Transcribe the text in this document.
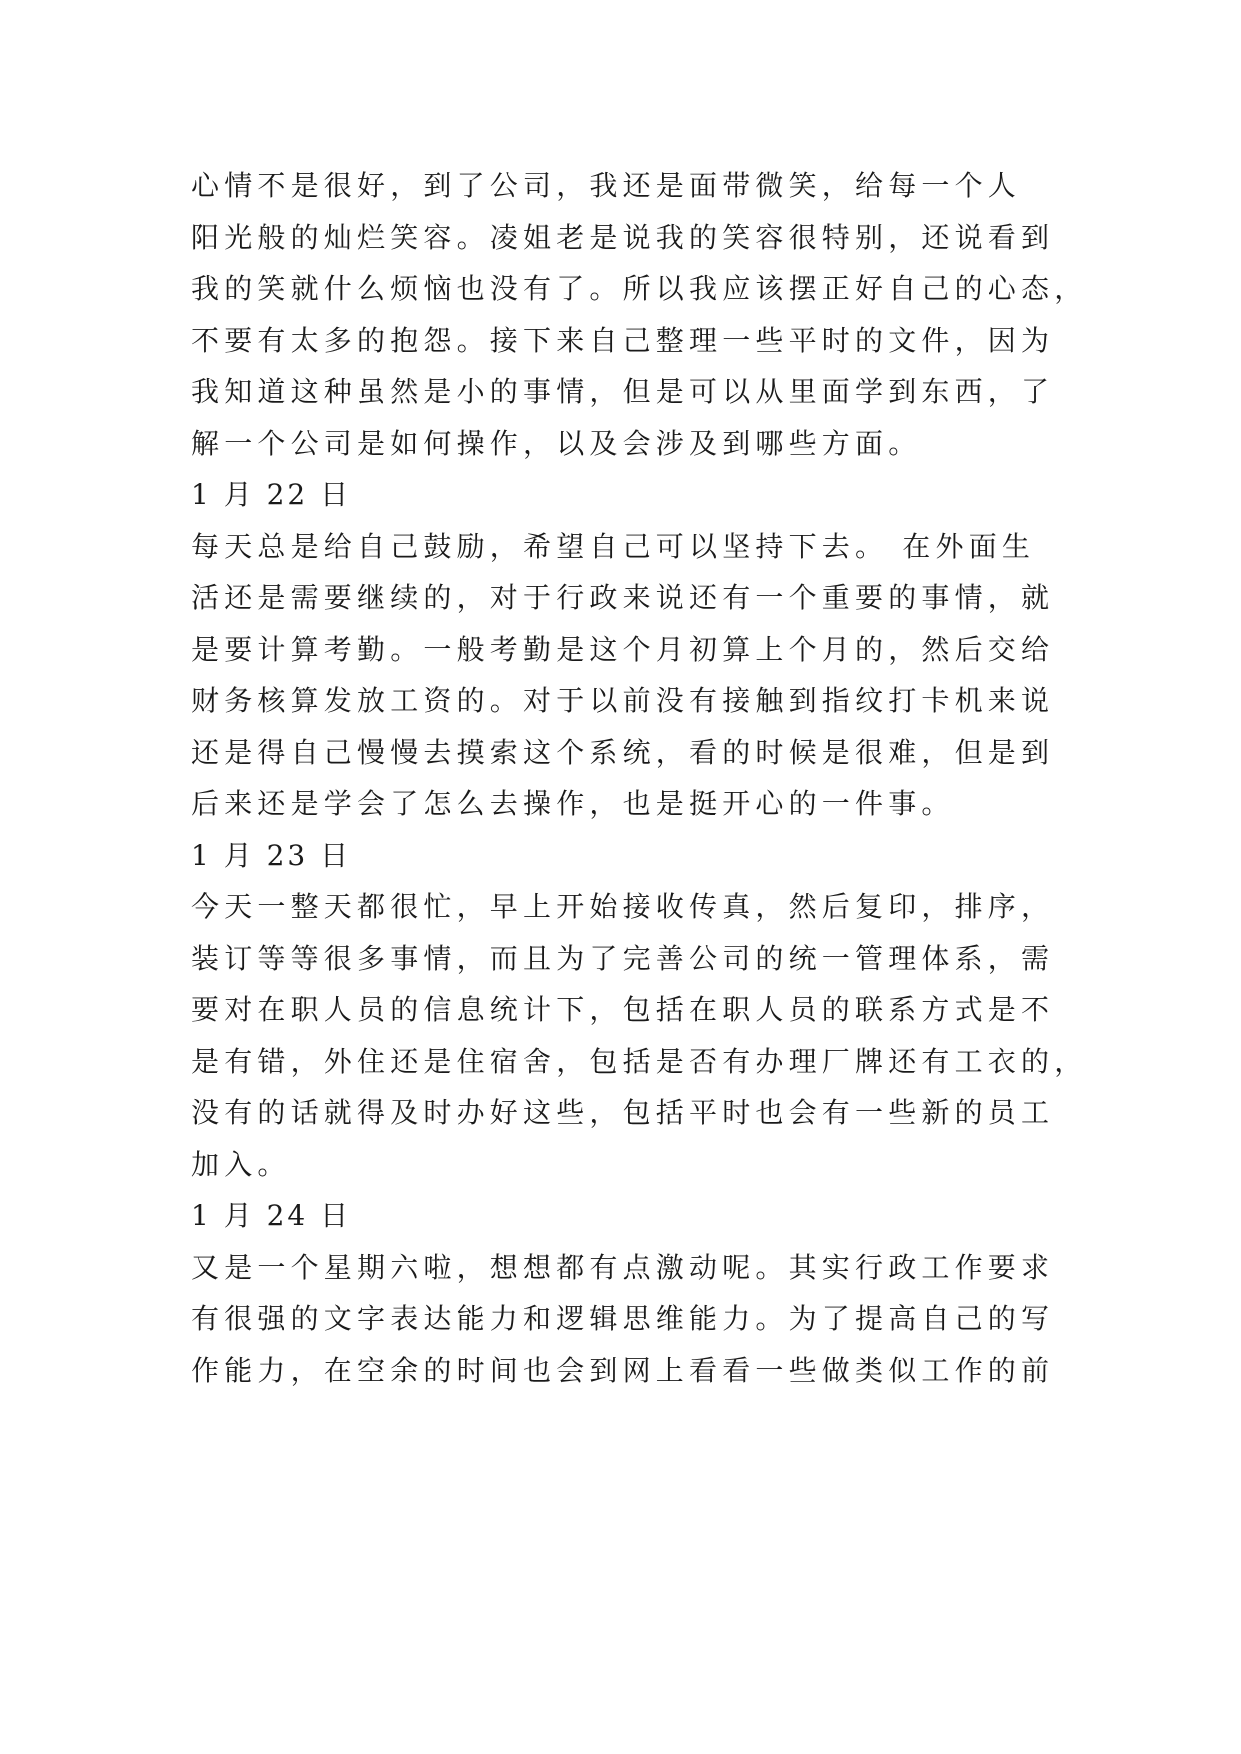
心情不是很好，到了公司，我还是面带微笑，给每一个人
阳光般的灿烂笑容。凌姐老是说我的笑容很特别，还说看到
我的笑就什么烦恼也没有了。所以我应该摆正好自己的心态，
不要有太多的抱怨。接下来自己整理一些平时的文件，因为
我知道这种虽然是小的事情，但是可以从里面学到东西，了
解一个公司是如何操作，以及会涉及到哪些方面。
1 月 22 日
每天总是给自己鼓励，希望自己可以坚持下去。 在外面生
活还是需要继续的，对于行政来说还有一个重要的事情，就
是要计算考勤。一般考勤是这个月初算上个月的，然后交给
财务核算发放工资的。对于以前没有接触到指纹打卡机来说
还是得自己慢慢去摸索这个系统，看的时候是很难，但是到
后来还是学会了怎么去操作，也是挺开心的一件事。
1 月 23 日
今天一整天都很忙，早上开始接收传真，然后复印，排序，
装订等等很多事情，而且为了完善公司的统一管理体系，需
要对在职人员的信息统计下，包括在职人员的联系方式是不
是有错，外住还是住宿舍，包括是否有办理厂牌还有工衣的，
没有的话就得及时办好这些，包括平时也会有一些新的员工
加入。
1 月 24 日
又是一个星期六啦，想想都有点激动呢。其实行政工作要求
有很强的文字表达能力和逻辑思维能力。为了提高自己的写
作能力，在空余的时间也会到网上看看一些做类似工作的前
